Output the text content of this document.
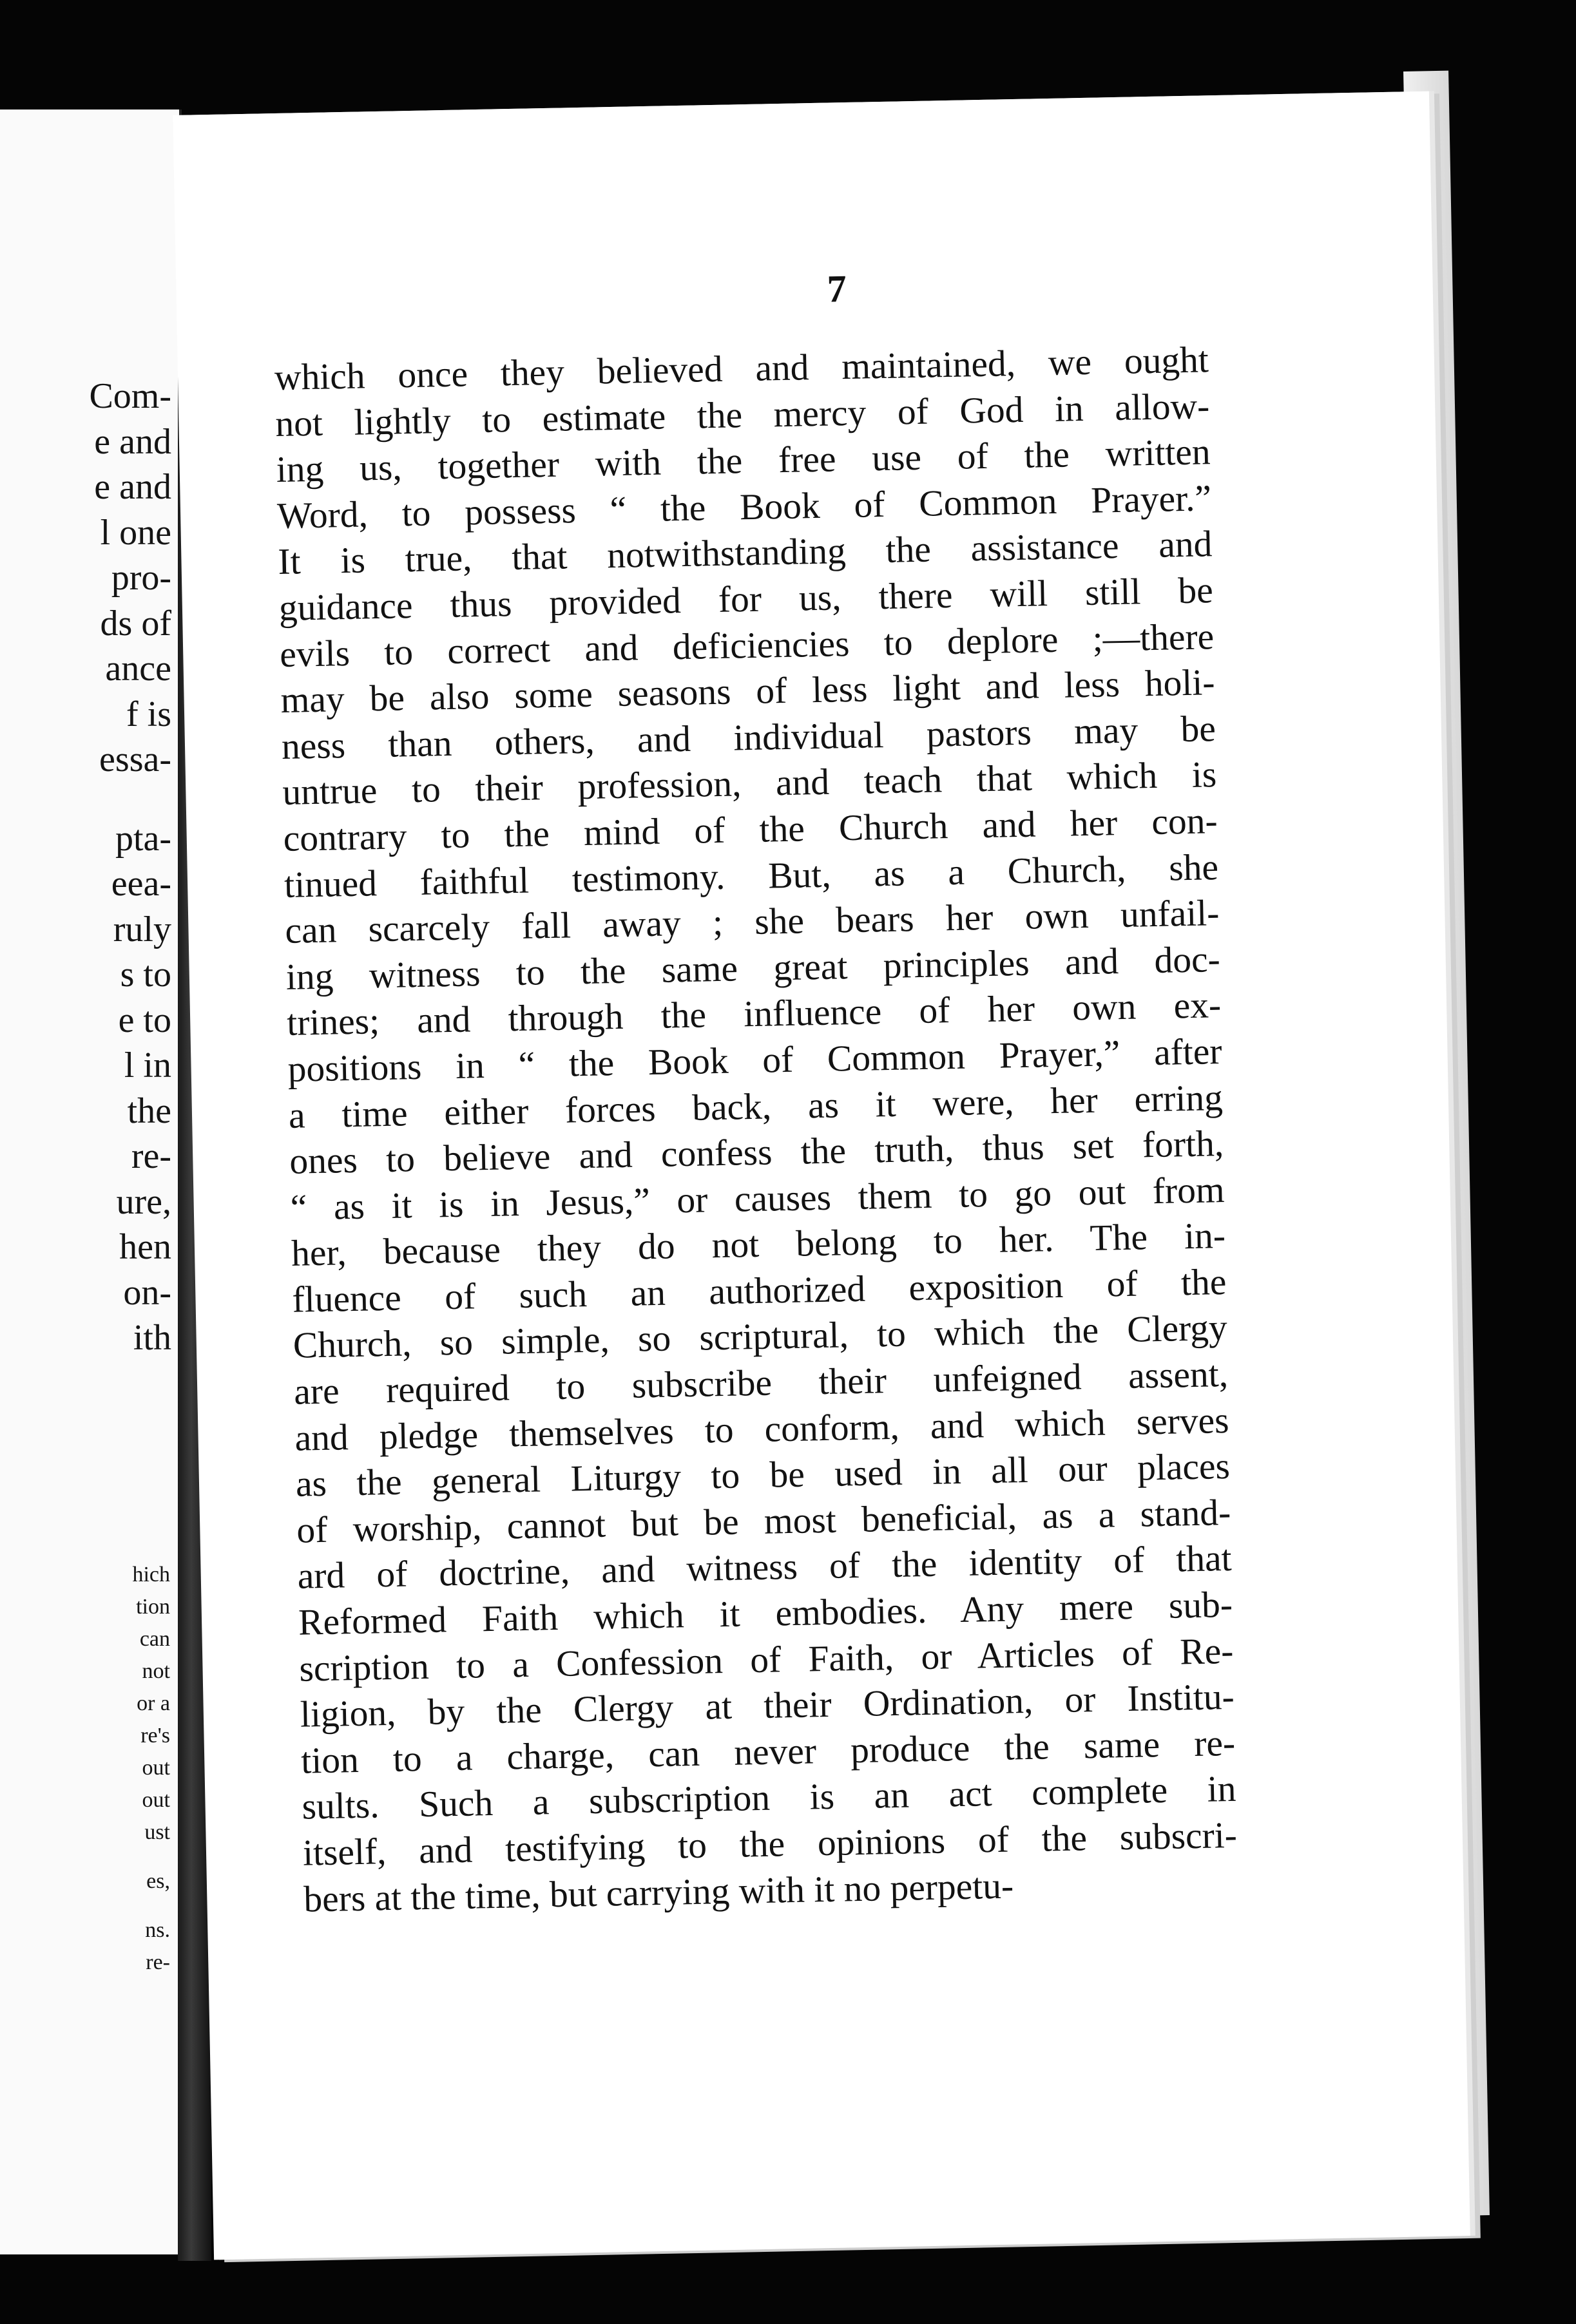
Com-
e and
e and
l one
pro-
ds of
ance
f is
essa-
pta-
eea-
ruly
s to
e to
l in
the
re-
ure,
hen
on-
ith
hich
tion
can
not
or a
re's
out
out
ust
es,
ns.
re-
7
which once they believed and maintained, we ought
not lightly to estimate the mercy of God in allow-
ing us, together with the free use of the written
Word, to possess “ the Book of Common Prayer.”
It is true, that notwithstanding the assistance and
guidance thus provided for us, there will still be
evils to correct and deficiencies to deplore ;—there
may be also some seasons of less light and less holi-
ness than others, and individual pastors may be
untrue to their profession, and teach that which is
contrary to the mind of the Church and her con-
tinued faithful testimony. But, as a Church, she
can scarcely fall away ; she bears her own unfail-
ing witness to the same great principles and doc-
trines; and through the influence of her own ex-
positions in “ the Book of Common Prayer,” after
a time either forces back, as it were, her erring
ones to believe and confess the truth, thus set forth,
“ as it is in Jesus,” or causes them to go out from
her, because they do not belong to her. The in-
fluence of such an authorized exposition of the
Church, so simple, so scriptural, to which the Clergy
are required to subscribe their unfeigned assent,
and pledge themselves to conform, and which serves
as the general Liturgy to be used in all our places
of worship, cannot but be most beneficial, as a stand-
ard of doctrine, and witness of the identity of that
Reformed Faith which it embodies. Any mere sub-
scription to a Confession of Faith, or Articles of Re-
ligion, by the Clergy at their Ordination, or Institu-
tion to a charge, can never produce the same re-
sults. Such a subscription is an act complete in
itself, and testifying to the opinions of the subscri-
bers at the time, but carrying with it no perpetu-
